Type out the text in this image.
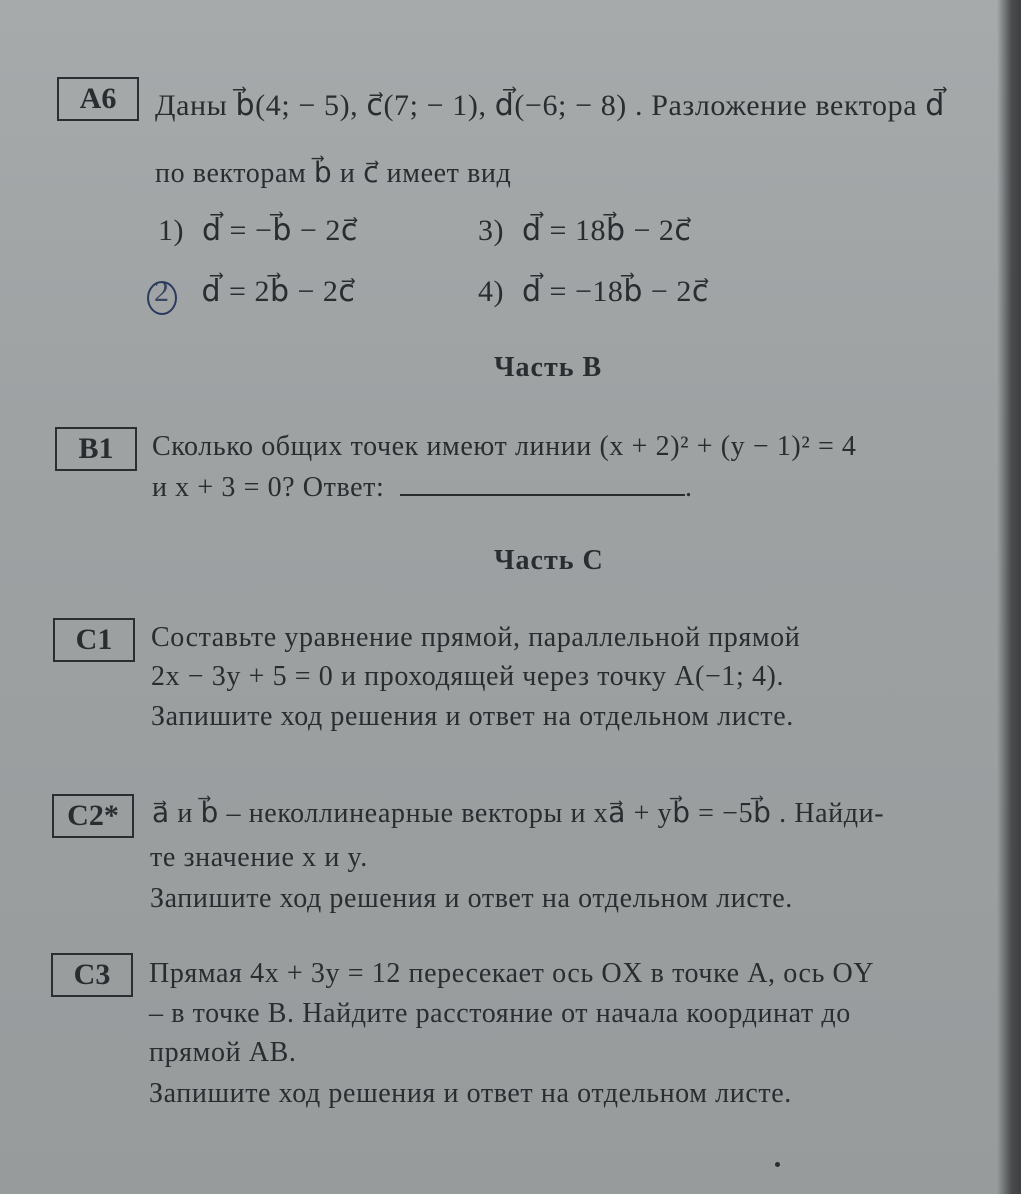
A6	Даны b⃗(4; − 5), c⃗(7; − 1), d⃗(−6; − 8) . Разложение вектора d⃗
по векторам b⃗ и c⃗ имеет вид
1) d⃗ = −b⃗ − 2c⃗	3) d⃗ = 18b⃗ − 2c⃗
2 d⃗ = 2b⃗ − 2c⃗	4) d⃗ = −18b⃗ − 2c⃗
Часть В
B1	Сколько общих точек имеют линии (x + 2)² + (y − 1)² = 4
и x + 3 = 0? Ответ:	.
Часть С
C1	Составьте уравнение прямой, параллельной прямой
2x − 3y + 5 = 0 и проходящей через точку A(−1; 4).
Запишите ход решения и ответ на отдельном листе.
C2*	a⃗ и b⃗ – неколлинеарные векторы и xa⃗ + yb⃗ = −5b⃗ . Найди-
те значение x и y.
Запишите ход решения и ответ на отдельном листе.
C3	Прямая 4x + 3y = 12 пересекает ось OX в точке A, ось OY
– в точке B. Найдите расстояние от начала координат до
прямой AB.
Запишите ход решения и ответ на отдельном листе.
